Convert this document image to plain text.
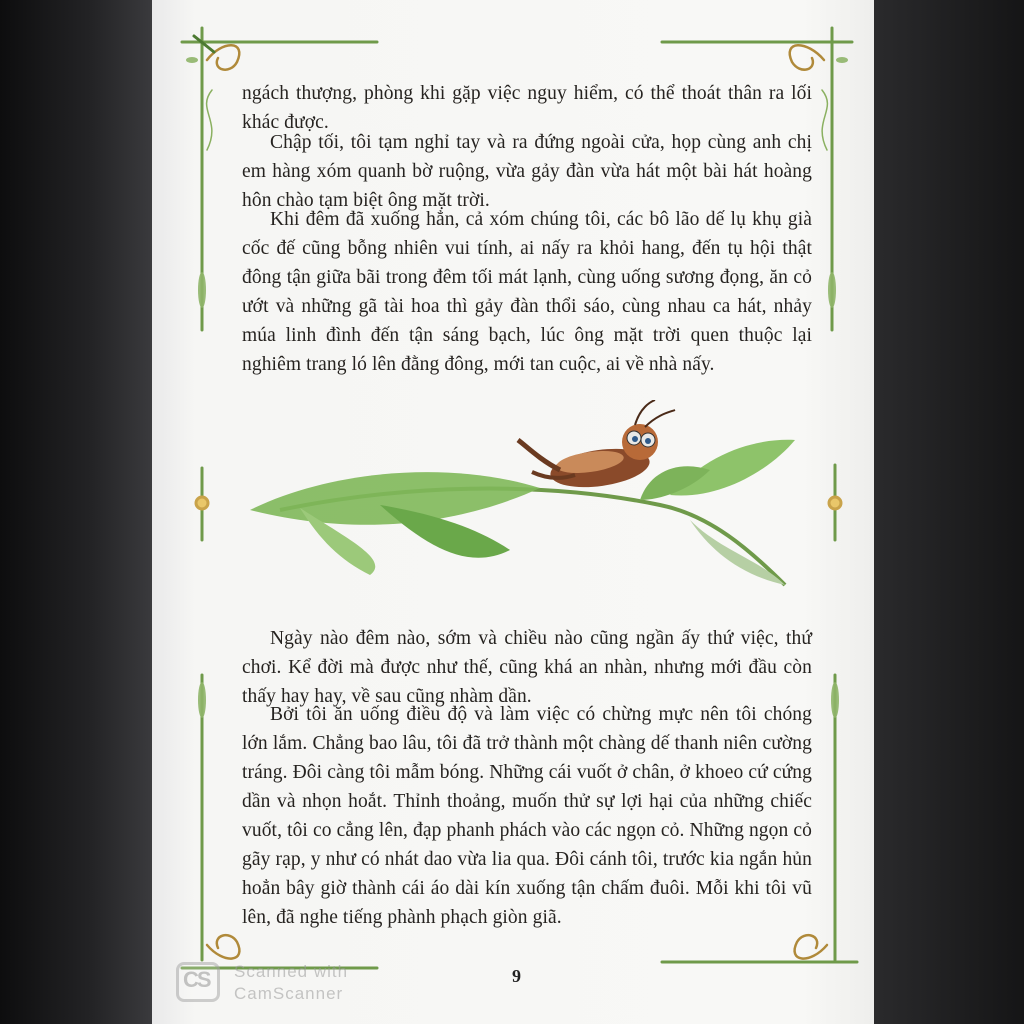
ngách thượng, phòng khi gặp việc nguy hiểm, có thể thoát thân ra lối khác được.

Chập tối, tôi tạm nghỉ tay và ra đứng ngoài cửa, họp cùng anh chị em hàng xóm quanh bờ ruộng, vừa gảy đàn vừa hát một bài hát hoàng hôn chào tạm biệt ông mặt trời.

Khi đêm đã xuống hẳn, cả xóm chúng tôi, các bô lão dế lụ khụ già cốc đế cũng bỗng nhiên vui tính, ai nấy ra khỏi hang, đến tụ hội thật đông tận giữa bãi trong đêm tối mát lạnh, cùng uống sương đọng, ăn cỏ ướt và những gã tài hoa thì gảy đàn thổi sáo, cùng nhau ca hát, nhảy múa linh đình đến tận sáng bạch, lúc ông mặt trời quen thuộc lại nghiêm trang ló lên đằng đông, mới tan cuộc, ai về nhà nấy.

Ngày nào đêm nào, sớm và chiều nào cũng ngần ấy thứ việc, thứ chơi. Kể đời mà được như thế, cũng khá an nhàn, nhưng mới đầu còn thấy hay hay, về sau cũng nhàm dần.

Bởi tôi ăn uống điều độ và làm việc có chừng mực nên tôi chóng lớn lắm. Chẳng bao lâu, tôi đã trở thành một chàng dế thanh niên cường tráng. Đôi càng tôi mẫm bóng. Những cái vuốt ở chân, ở khoeo cứ cứng dần và nhọn hoắt. Thỉnh thoảng, muốn thử sự lợi hại của những chiếc vuốt, tôi co cẳng lên, đạp phanh phách vào các ngọn cỏ. Những ngọn cỏ gãy rạp, y như có nhát dao vừa lia qua. Đôi cánh tôi, trước kia ngắn hủn hoẳn bây giờ thành cái áo dài kín xuống tận chấm đuôi. Mỗi khi tôi vũ lên, đã nghe tiếng phành phạch giòn giã.

9
CS Scanned with
CamScanner
